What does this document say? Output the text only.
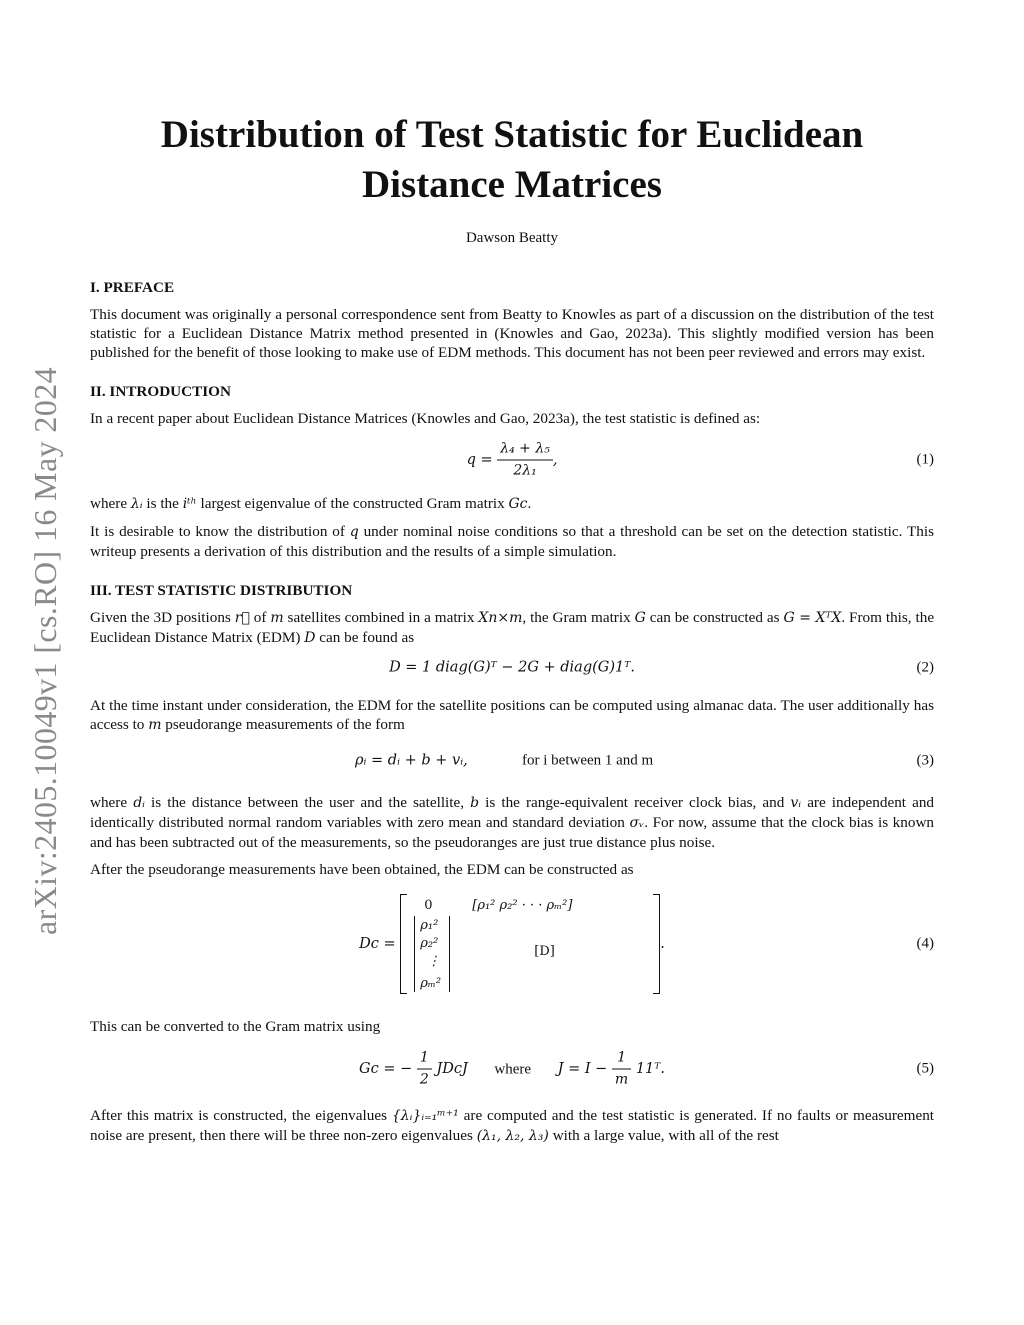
arXiv:2405.10049v1 [cs.RO] 16 May 2024
Distribution of Test Statistic for Euclidean Distance Matrices
Dawson Beatty
I. PREFACE

This document was originally a personal correspondence sent from Beatty to Knowles as part of a discussion on the distribution of the test statistic for a Euclidean Distance Matrix method presented in (Knowles and Gao, 2023a). This slightly modified version has been published for the benefit of those looking to make use of EDM methods. This document has not been peer reviewed and errors may exist.

II. INTRODUCTION

In a recent paper about Euclidean Distance Matrices (Knowles and Gao, 2023a), the test statistic is defined as:

$q = \frac{\text{λ₄ + λ₅}}{\text{2λ₁}}$ ,	(1)

where λᵢ is the iᵗʰ largest eigenvalue of the constructed Gram matrix Gc.

It is desirable to know the distribution of q under nominal noise conditions so that a threshold can be set on the detection statistic. This writeup presents a derivation of this distribution and the results of a simple simulation.

III. TEST STATISTIC DISTRIBUTION

Given the 3D positions r⃗ of m satellites combined in a matrix Xn×m, the Gram matrix G can be constructed as G = XᵀX. From this, the Euclidean Distance Matrix (EDM) D can be found as

D = 1 diag(G)ᵀ − 2G + diag(G)1ᵀ.	(2)

At the time instant under consideration, the EDM for the satellite positions can be computed using almanac data. The user additionally has access to m pseudorange measurements of the form

ρᵢ = dᵢ + b + vᵢ,	for i between 1 and m	(3)

where dᵢ is the distance between the user and the satellite, b is the range-equivalent receiver clock bias, and vᵢ are independent and identically distributed normal random variables with zero mean and standard deviation σᵥ. For now, assume that the clock bias is known and has been subtracted out of the measurements, so the pseudoranges are just true distance plus noise.

After the pseudorange measurements have been obtained, the EDM can be constructed as

Dc =
0	[ρ₁² ρ₂² · · · ρₘ²]
ρ₁²
ρ₂²
⋮
ρₘ²
[D]	.	(4)

This can be converted to the Gram matrix using

Gc = − $\frac{1}{2}$ JDcJ where $J = I - \frac{1}{m}$ 11ᵀ.	(5)

After this matrix is constructed, the eigenvalues {λᵢ}ᵢ₌₁ᵐ⁺¹ are computed and the test statistic is generated. If no faults or measurement noise are present, then there will be three non-zero eigenvalues (λ₁, λ₂, λ₃) with a large value, with all of the rest
